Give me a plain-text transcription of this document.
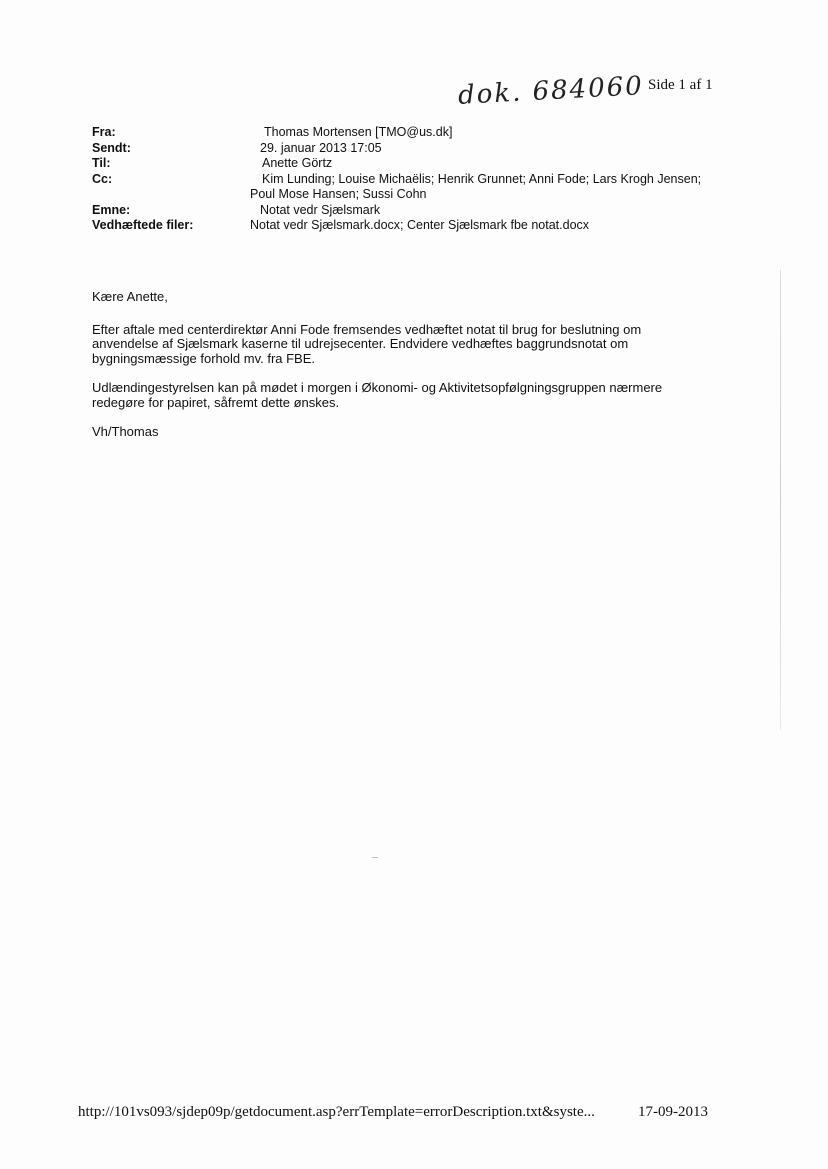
dok. 684060 Side 1 af 1
Fra:	Thomas Mortensen [TMO@us.dk]
Sendt:	29. januar 2013 17:05
Til:	Anette Görtz
Cc:	Kim Lunding; Louise Michaëlis; Henrik Grunnet; Anni Fode; Lars Krogh Jensen;
Poul Mose Hansen; Sussi Cohn
Emne:	Notat vedr Sjælsmark
Vedhæftede filer:	Notat vedr Sjælsmark.docx; Center Sjælsmark fbe notat.docx

Kære Anette,

Efter aftale med centerdirektør Anni Fode fremsendes vedhæftet notat til brug for beslutning om anvendelse af Sjælsmark kaserne til udrejsecenter. Endvidere vedhæftes baggrundsnotat om bygningsmæssige forhold mv. fra FBE.

Udlændingestyrelsen kan på mødet i morgen i Økonomi- og Aktivitetsopfølgningsgruppen nærmere redegøre for papiret, såfremt dette ønskes.

Vh/Thomas

http://101vs093/sjdep09p/getdocument.asp?errTemplate=errorDescription.txt&syste...	17-09-2013
